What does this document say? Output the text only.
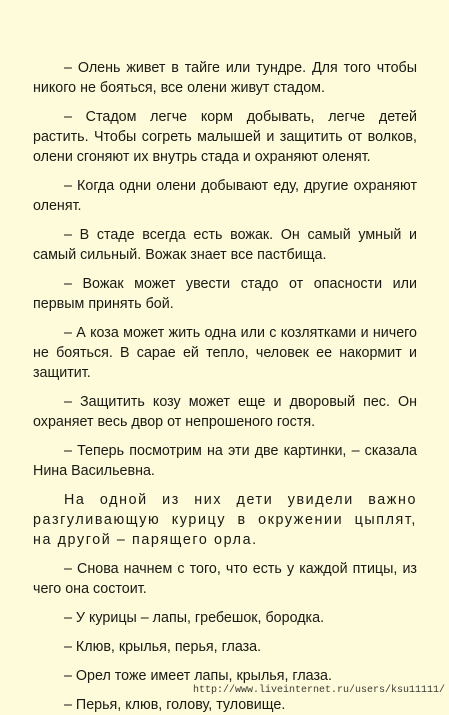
– Олень живет в тайге или тундре. Для того чтобы никого не бояться, все олени живут стадом.

– Стадом легче корм добывать, легче детей растить. Чтобы согреть малышей и защитить от волков, олени сгоняют их внутрь стада и охраняют оленят.

– Когда одни олени добывают еду, другие охраняют оленят.

– В стаде всегда есть вожак. Он самый умный и самый сильный. Вожак знает все пастбища.

– Вожак может увести стадо от опасности или первым принять бой.

– А коза может жить одна или с козлятками и ничего не бояться. В сарае ей тепло, человек ее накормит и защитит.

– Защитить козу может еще и дворовый пес. Он охраняет весь двор от непрошеного гостя.

– Теперь посмотрим на эти две картинки, – сказала Нина Васильевна.

На одной из них дети увидели важно разгуливающую курицу в окружении цыплят, на другой – парящего орла.

– Снова начнем с того, что есть у каждой птицы, из чего она состоит.

– У курицы – лапы, гребешок, бородка.

– Клюв, крылья, перья, глаза.

– Орел тоже имеет лапы, крылья, глаза.

– Перья, клюв, голову, туловище.

http://www.liveinternet.ru/users/ksu11111/
